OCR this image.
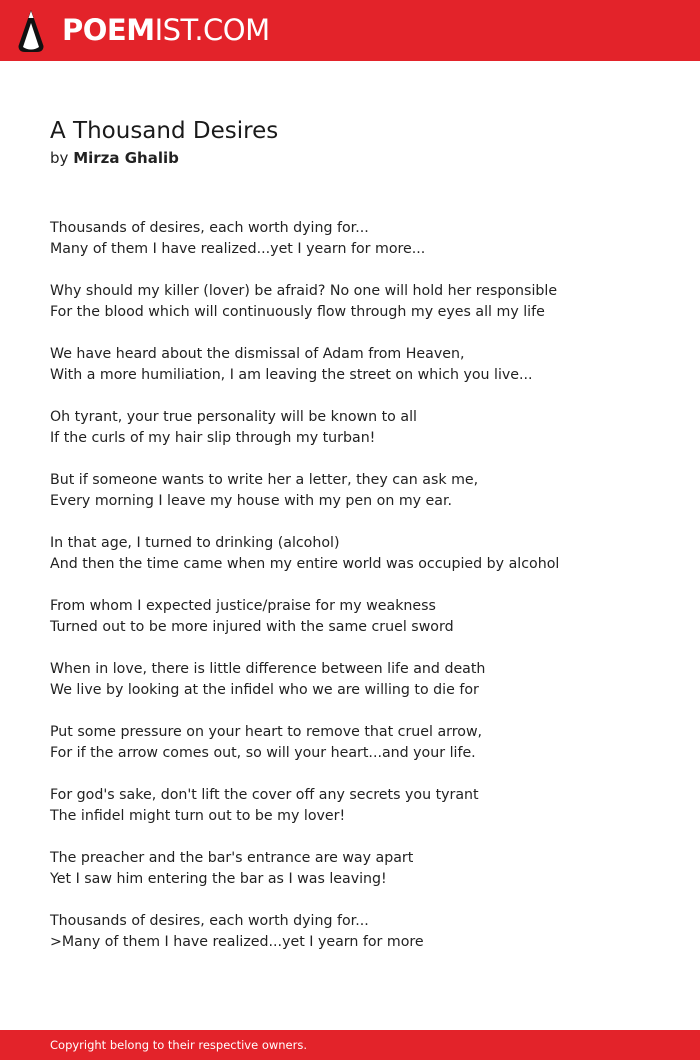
POEMIST.COM
A Thousand Desires
by Mirza Ghalib
Thousands of desires, each worth dying for...
Many of them I have realized...yet I yearn for more...
Why should my killer (lover) be afraid? No one will hold her responsible
For the blood which will continuously flow through my eyes all my life
We have heard about the dismissal of Adam from Heaven,
With a more humiliation, I am leaving the street on which you live...
Oh tyrant, your true personality will be known to all
If the curls of my hair slip through my turban!
But if someone wants to write her a letter, they can ask me,
Every morning I leave my house with my pen on my ear.
In that age, I turned to drinking (alcohol)
And then the time came when my entire world was occupied by alcohol
From whom I expected justice/praise for my weakness
Turned out to be more injured with the same cruel sword
When in love, there is little difference between life and death
We live by looking at the infidel who we are willing to die for
Put some pressure on your heart to remove that cruel arrow,
For if the arrow comes out, so will your heart...and your life.
For god's sake, don't lift the cover off any secrets you tyrant
The infidel might turn out to be my lover!
The preacher and the bar's entrance are way apart
Yet I saw him entering the bar as I was leaving!
Thousands of desires, each worth dying for...
>Many of them I have realized...yet I yearn for more
Copyright belong to their respective owners.
